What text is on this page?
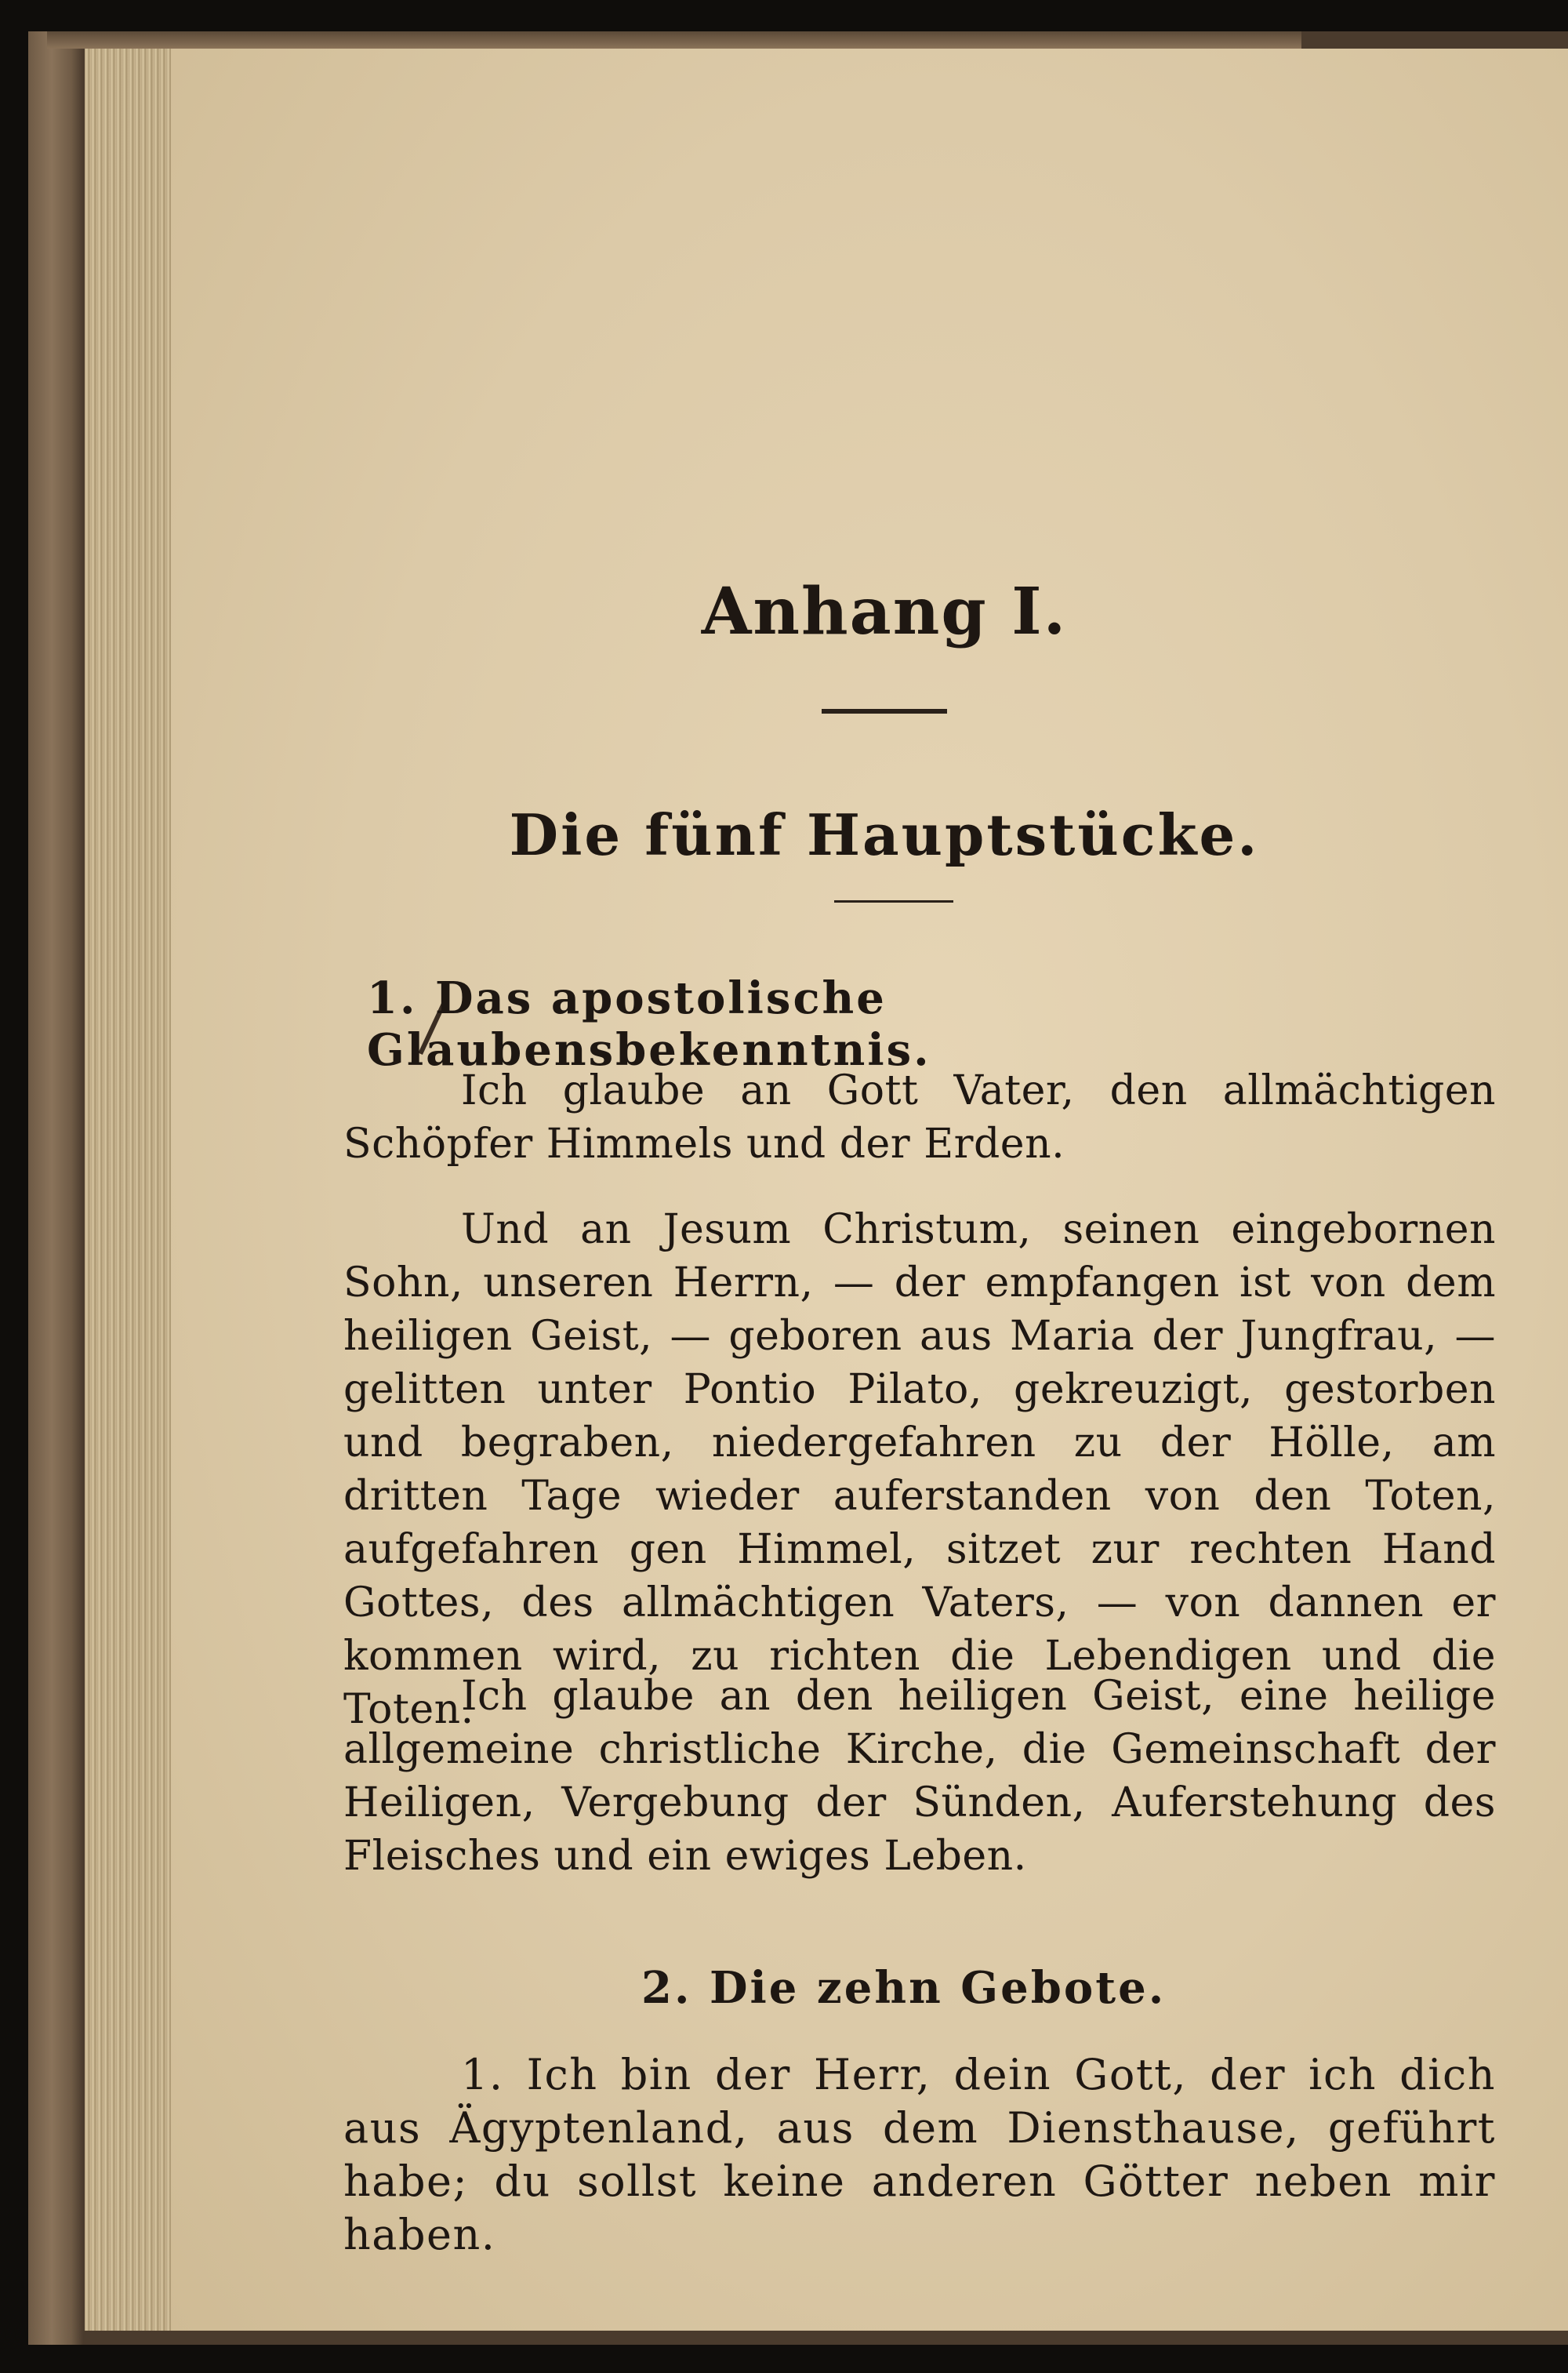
Anhang I.
Die fünf Hauptstücke.
1. Das apostolische Glaubensbekenntnis.
Ich glaube an Gott Vater, den allmächtigen Schöpfer Himmels und der Erden.
Und an Jesum Christum, seinen eingebornen Sohn, unseren Herrn, — der empfangen ist von dem heiligen Geist, — geboren aus Maria der Jungfrau, — gelitten unter Pontio Pilato, gekreuzigt, gestorben und begraben, niedergefahren zu der Hölle, am dritten Tage wieder auferstanden von den Toten, aufgefahren gen Himmel, sitzet zur rechten Hand Gottes, des allmächtigen Vaters, — von dannen er kommen wird, zu richten die Lebendigen und die Toten.
Ich glaube an den heiligen Geist, eine heilige allgemeine christliche Kirche, die Gemeinschaft der Heiligen, Vergebung der Sünden, Auferstehung des Fleisches und ein ewiges Leben.
2. Die zehn Gebote.
1. Ich bin der Herr, dein Gott, der ich dich aus Ägyptenland, aus dem Diensthause, geführt habe; du sollst keine anderen Götter neben mir haben.
